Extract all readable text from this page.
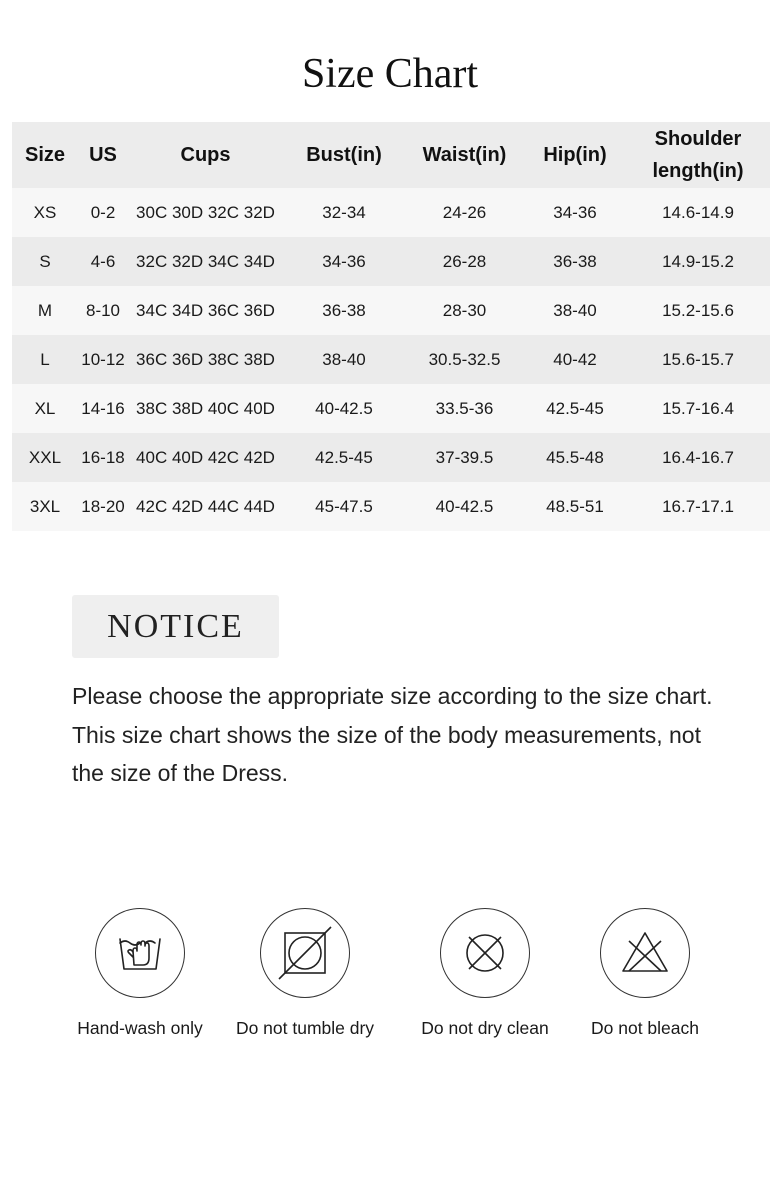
Size Chart
Size	US	Cups	Bust(in)	Waist(in)	Hip(in)	Shoulder
length(in)
XS	0-2	30C 30D 32C 32D	32-34	24-26	34-36	14.6-14.9
S	4-6	32C 32D 34C 34D	34-36	26-28	36-38	14.9-15.2
M	8-10	34C 34D 36C 36D	36-38	28-30	38-40	15.2-15.6
L	10-12	36C 36D 38C 38D	38-40	30.5-32.5	40-42	15.6-15.7
XL	14-16	38C 38D 40C 40D	40-42.5	33.5-36	42.5-45	15.7-16.4
XXL	16-18	40C 40D 42C 42D	42.5-45	37-39.5	45.5-48	16.4-16.7
3XL	18-20	42C 42D 44C 44D	45-47.5	40-42.5	48.5-51	16.7-17.1
NOTICE

Please choose the appropriate size according to the size chart.

This size chart shows the size of the body measurements, not the size of the Dress.

Hand-wash only Do not tumble dry	Do not dry clean Do not bleach
